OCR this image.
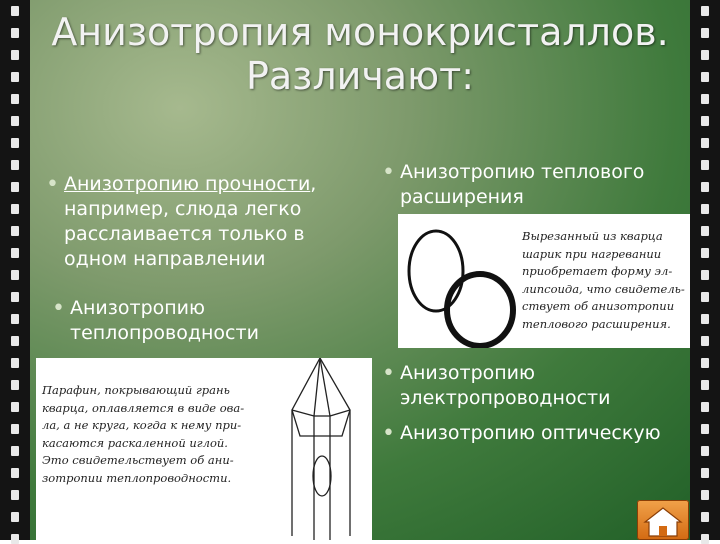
Анизотропия монокристаллов.
Различают:
• Анизотропию прочности,
например, слюда легко
расслаивается только в
одном направлении
• Анизотропию
теплопроводности
• Анизотропию теплового
расширения
Вырезанный из кварца
шарик при нагревании
приобретает форму эл-
липсоида, что свидетель-
ствует об анизотропии
теплового расширения.
Парафин, покрывающий грань
кварца, оплавляется в виде ова-
ла, а не круга, когда к нему при-
касаются раскаленной иглой.
Это свидетельствует об ани-
зотропии теплопроводности.
• Анизотропию
электропроводности
• Анизотропию оптическую
